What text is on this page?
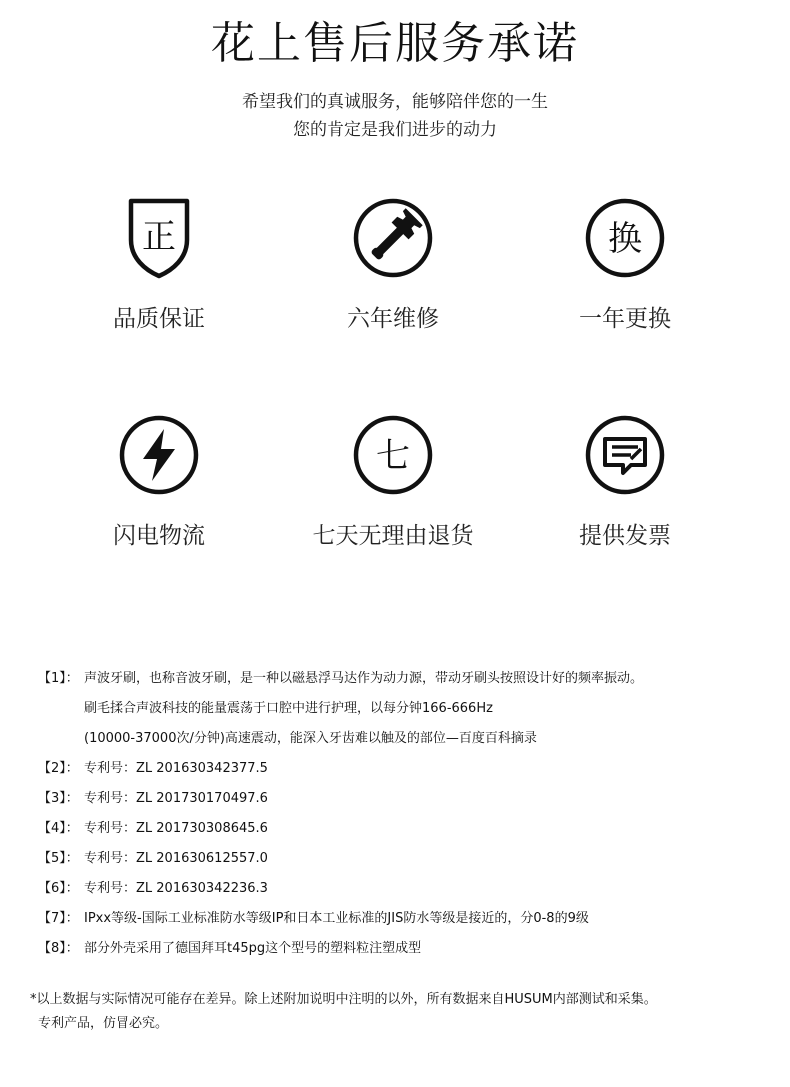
花上售后服务承诺
希望我们的真诚服务，能够陪伴您的一生
您的肯定是我们进步的动力
正
品质保证	六年维修
换
一年更换
闪电物流
七
七天无理由退货	提供发票
【1】： 声波牙刷，也称音波牙刷，是一种以磁悬浮马达作为动力源，带动牙刷头按照设计好的频率振动。
刷毛揉合声波科技的能量震荡于口腔中进行护理，以每分钟166-666Hz
(10000-37000次/分钟)高速震动，能深入牙齿难以触及的部位—百度百科摘录
【2】： 专利号：ZL 201630342377.5
【3】： 专利号：ZL 201730170497.6
【4】： 专利号：ZL 201730308645.6
【5】： 专利号：ZL 201630612557.0
【6】： 专利号：ZL 201630342236.3
【7】： IPxx等级-国际工业标准防水等级IP和日本工业标准的JIS防水等级是接近的，分0-8的9级
【8】： 部分外壳采用了德国拜耳t45pg这个型号的塑料粒注塑成型
*以上数据与实际情况可能存在差异。除上述附加说明中注明的以外，所有数据来自HUSUM内部测试和采集。
专利产品，仿冒必究。
